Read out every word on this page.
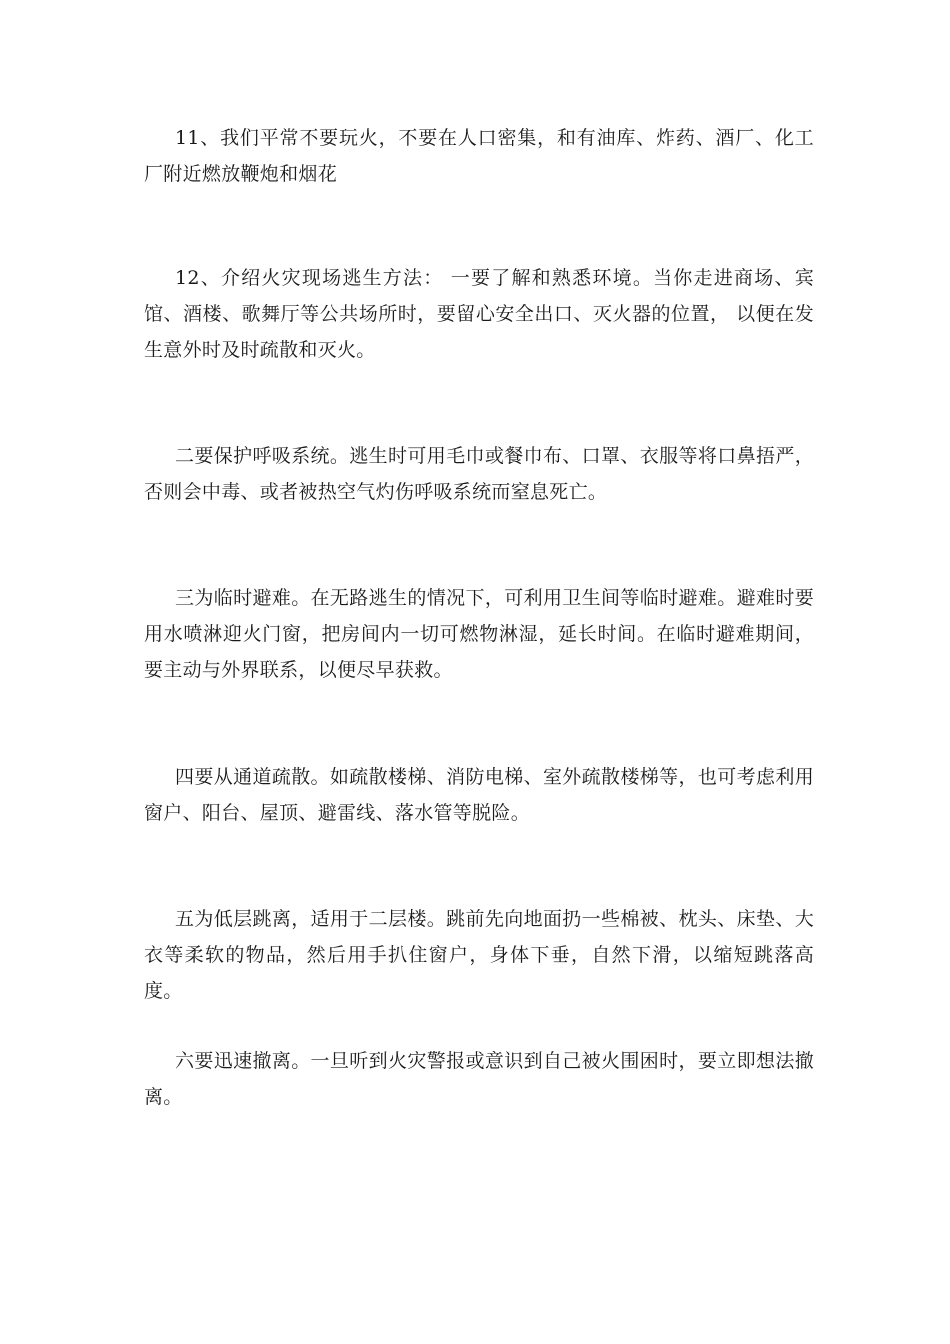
11、我们平常不要玩火，不要在人口密集，和有油库、炸药、酒厂、化工厂附近燃放鞭炮和烟花

12、介绍火灾现场逃生方法： 一要了解和熟悉环境。当你走进商场、宾馆、酒楼、歌舞厅等公共场所时，要留心安全出口、灭火器的位置， 以便在发生意外时及时疏散和灭火。

二要保护呼吸系统。逃生时可用毛巾或餐巾布、口罩、衣服等将口鼻捂严，否则会中毒、或者被热空气灼伤呼吸系统而窒息死亡。

三为临时避难。在无路逃生的情况下，可利用卫生间等临时避难。避难时要用水喷淋迎火门窗，把房间内一切可燃物淋湿，延长时间。在临时避难期间，要主动与外界联系，以便尽早获救。

四要从通道疏散。如疏散楼梯、消防电梯、室外疏散楼梯等，也可考虑利用窗户、阳台、屋顶、避雷线、落水管等脱险。

五为低层跳离，适用于二层楼。跳前先向地面扔一些棉被、枕头、床垫、大衣等柔软的物品，然后用手扒住窗户，身体下垂，自然下滑，以缩短跳落高度。

六要迅速撤离。一旦听到火灾警报或意识到自己被火围困时，要立即想法撤离。
